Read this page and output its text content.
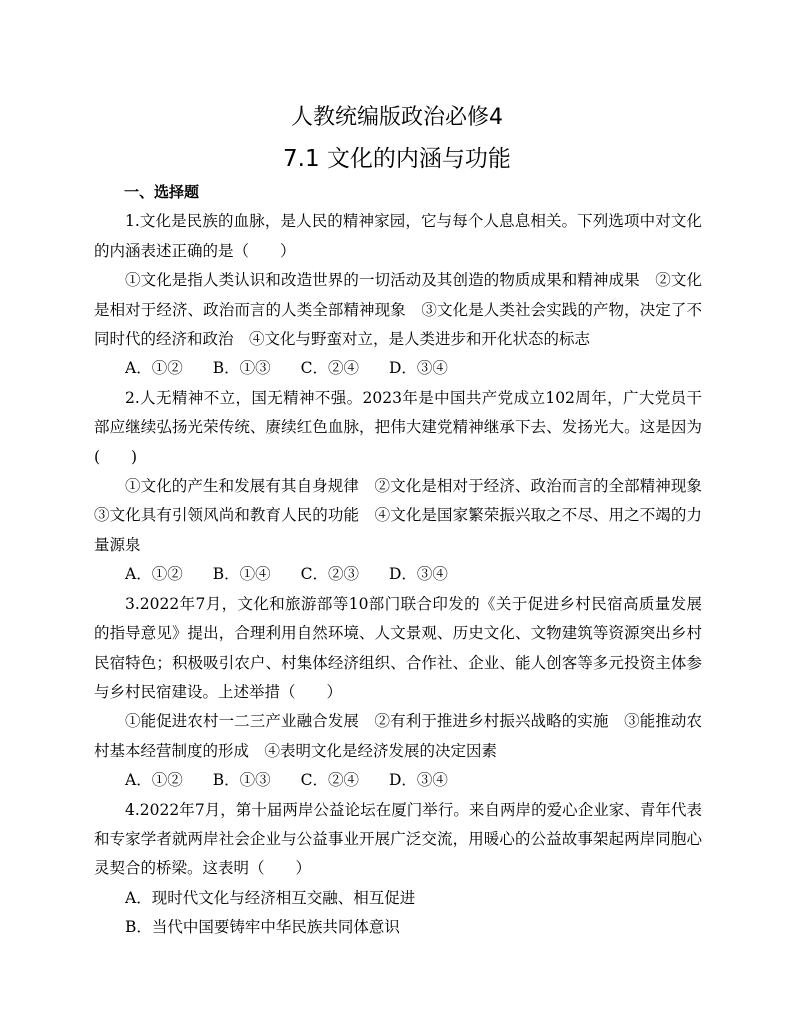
人教统编版政治必修4
7.1 文化的内涵与功能

一、选择题

1.文化是民族的血脉，是人民的精神家园，它与每个人息息相关。下列选项中对文化的内涵表述正确的是（　　）

①文化是指人类认识和改造世界的一切活动及其创造的物质成果和精神成果　②文化是相对于经济、政治而言的人类全部精神现象　③文化是人类社会实践的产物，决定了不同时代的经济和政治　④文化与野蛮对立，是人类进步和开化状态的标志

A．①② B．①③ C．②④ D．③④

2.人无精神不立，国无精神不强。2023年是中国共产党成立102周年，广大党员干部应继续弘扬光荣传统、赓续红色血脉，把伟大建党精神继承下去、发扬光大。这是因为(　　)

①文化的产生和发展有其自身规律　②文化是相对于经济、政治而言的全部精神现象　③文化具有引领风尚和教育人民的功能　④文化是国家繁荣振兴取之不尽、用之不竭的力量源泉

A．①② B．①④ C．②③ D．③④

3.2022年7月，文化和旅游部等10部门联合印发的《关于促进乡村民宿高质量发展的指导意见》提出，合理利用自然环境、人文景观、历史文化、文物建筑等资源突出乡村民宿特色；积极吸引农户、村集体经济组织、合作社、企业、能人创客等多元投资主体参与乡村民宿建设。上述举措（　　）

①能促进农村一二三产业融合发展　②有利于推进乡村振兴战略的实施　③能推动农村基本经营制度的形成　④表明文化是经济发展的决定因素

A．①② B．①③ C．②④ D．③④

4.2022年7月，第十届两岸公益论坛在厦门举行。来自两岸的爱心企业家、青年代表和专家学者就两岸社会企业与公益事业开展广泛交流，用暖心的公益故事架起两岸同胞心灵契合的桥梁。这表明（　　）

A．现时代文化与经济相互交融、相互促进

B．当代中国要铸牢中华民族共同体意识
